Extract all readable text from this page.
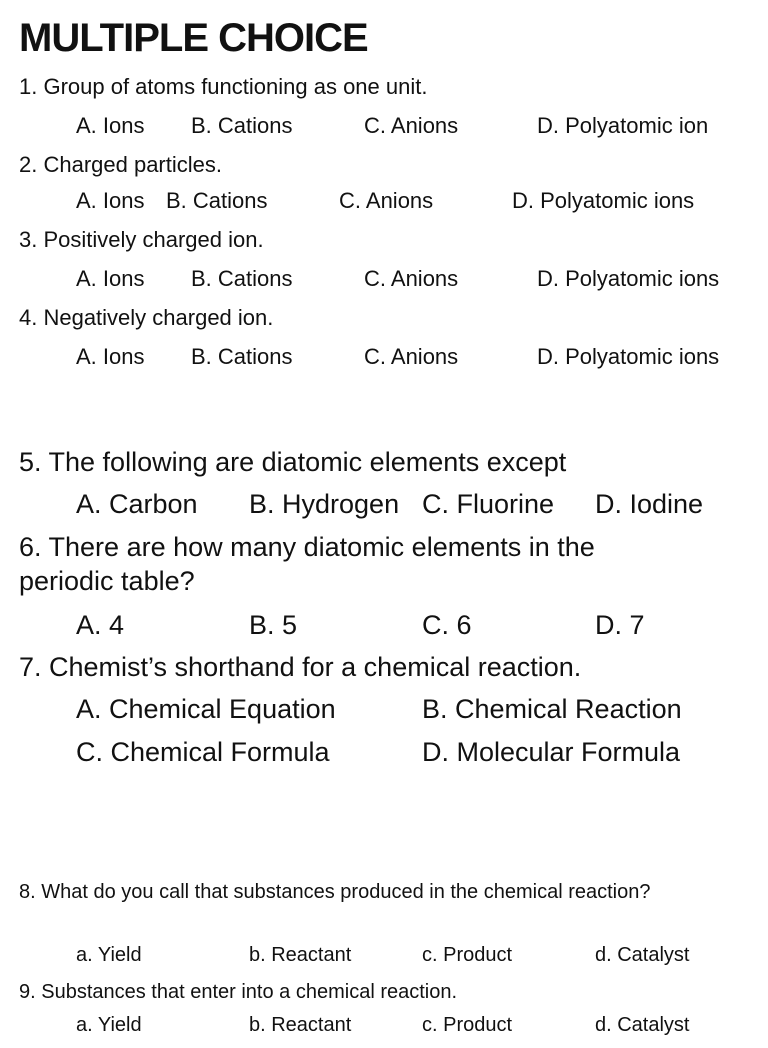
MULTIPLE CHOICE
1. Group of atoms functioning as one unit.
A. Ions B. Cations	C. Anions	D. Polyatomic ion
2. Charged particles.
A. Ions B. Cations	C. Anions	D. Polyatomic ions
3. Positively charged ion.
A. Ions B. Cations	C. Anions	D. Polyatomic ions
4. Negatively charged ion.
A. Ions B. Cations	C. Anions	D. Polyatomic ions
5. The following are diatomic elements except
A. Carbon B. Hydrogen C. Fluorine D. Iodine
6. There are how many diatomic elements in the periodic table?
A. 4	B. 5	C. 6	D. 7
7. Chemist’s shorthand for a chemical reaction.
A. Chemical Equation	B. Chemical Reaction
C. Chemical Formula	D. Molecular Formula
8. What do you call that substances produced in the chemical reaction?
a. Yield	b. Reactant	c. Product	d. Catalyst
9. Substances that enter into a chemical reaction.
a. Yield	b. Reactant	c. Product	d. Catalyst
